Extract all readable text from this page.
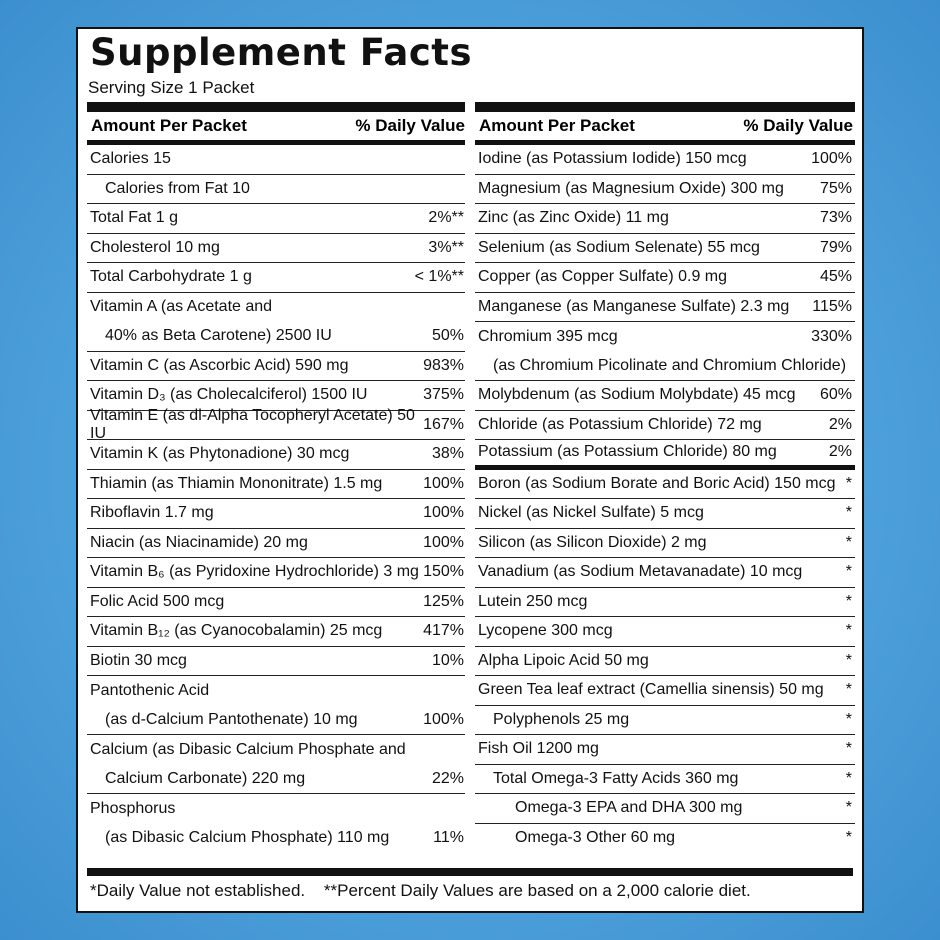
Supplement Facts
Serving Size 1 Packet
Amount Per Packet	% Daily Value
Calories 15
Calories from Fat 10
Total Fat 1 g	2%**
Cholesterol 10 mg	3%**
Total Carbohydrate 1 g	< 1%**
Vitamin A (as Acetate and
40% as Beta Carotene) 2500 IU	50%
Vitamin C (as Ascorbic Acid) 590 mg	983%
Vitamin D₃ (as Cholecalciferol) 1500 IU	375%
Vitamin E (as dl-Alpha Tocopheryl Acetate) 50 IU
167%
Vitamin K (as Phytonadione) 30 mcg	38%
Thiamin (as Thiamin Mononitrate) 1.5 mg	100%
Riboflavin 1.7 mg	100%
Niacin (as Niacinamide) 20 mg	100%
Vitamin B₆ (as Pyridoxine Hydrochloride) 3 mg 150%
Folic Acid 500 mcg	125%
Vitamin B₁₂ (as Cyanocobalamin) 25 mcg	417%
Biotin 30 mcg	10%
Pantothenic Acid
(as d-Calcium Pantothenate) 10 mg	100%
Calcium (as Dibasic Calcium Phosphate and
Calcium Carbonate) 220 mg	22%
Phosphorus
(as Dibasic Calcium Phosphate) 110 mg	11%
Amount Per Packet	% Daily Value
Iodine (as Potassium Iodide) 150 mcg	100%
Magnesium (as Magnesium Oxide) 300 mg 75%
Zinc (as Zinc Oxide) 11 mg	73%
Selenium (as Sodium Selenate) 55 mcg	79%
Copper (as Copper Sulfate) 0.9 mg	45%
Manganese (as Manganese Sulfate) 2.3 mg 115%
Chromium 395 mcg	330%
(as Chromium Picolinate and Chromium Chloride)
Molybdenum (as Sodium Molybdate) 45 mcg 60%
Chloride (as Potassium Chloride) 72 mg	2%
Potassium (as Potassium Chloride) 80 mg	2%
Boron (as Sodium Borate and Boric Acid) 150 mcg *
Nickel (as Nickel Sulfate) 5 mcg	*
Silicon (as Silicon Dioxide) 2 mg	*
Vanadium (as Sodium Metavanadate) 10 mcg	*
Lutein 250 mcg	*
Lycopene 300 mcg	*
Alpha Lipoic Acid 50 mg	*
Green Tea leaf extract (Camellia sinensis) 50 mg *
Polyphenols 25 mg	*
Fish Oil 1200 mg	*
Total Omega-3 Fatty Acids 360 mg	*
Omega-3 EPA and DHA 300 mg	*
Omega-3 Other 60 mg	*
*Daily Value not established. **Percent Daily Values are based on a 2,000 calorie diet.
